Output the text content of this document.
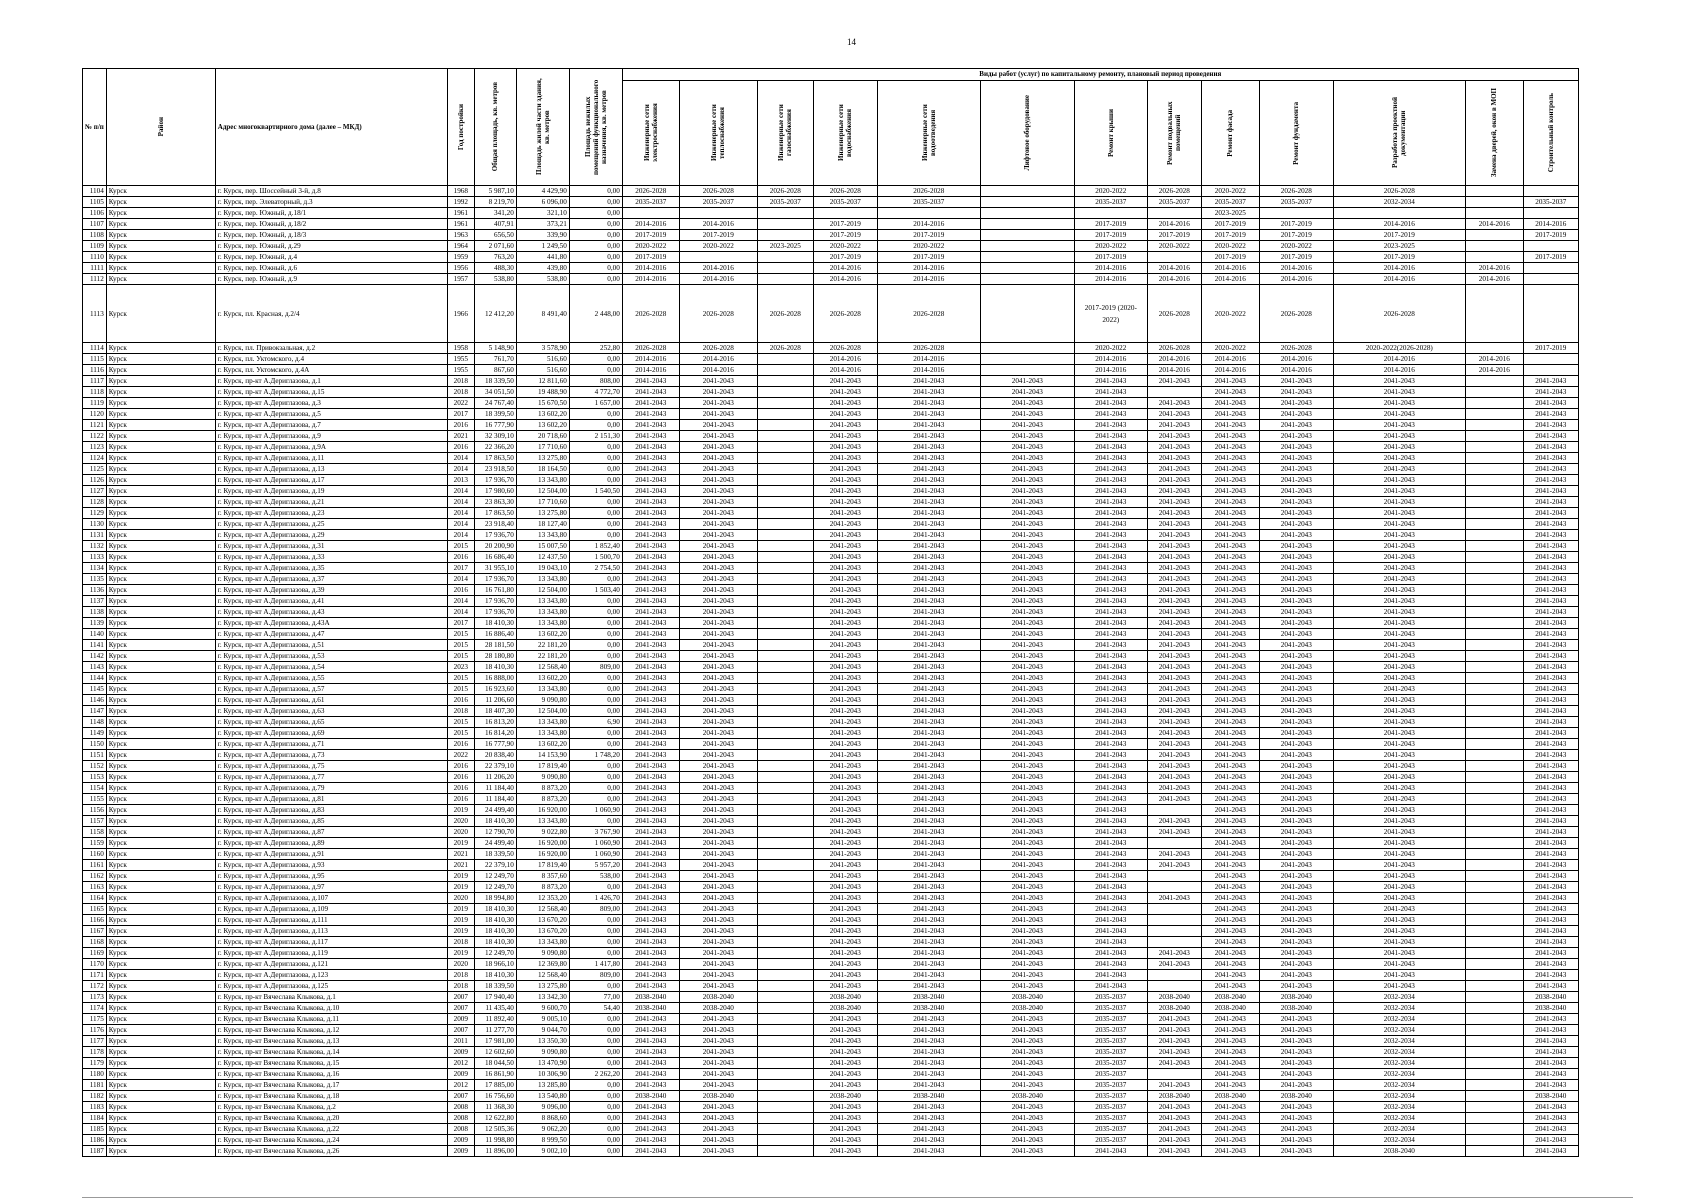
14
№ п/п	Район	Адрес многоквартирного дома (далее – МКД)	Год постройки	Общая площадь, кв. метров	Площадь жилой части здания, кв. метров	Площадь нежилых помещений функционального назначения, кв. метров	Виды работ (услуг) по капитальному ремонту, плановый период проведения												

							Инженерные сети электроснабжения	Инженерные сети теплоснабжения	Инженерные сети газоснабжения	Инженерные сети водоснабжения	Инженерные сети водоотведения	Лифтовое оборудование	Ремонт крыши	Ремонт подвальных помещений	Ремонт фасада	Ремонт фундамента	Разработка проектной документации	Замена дверей, окон в МОП	Строительный контроль

1104	Курск	г. Курск, пер. Шоссейный 3-й, д.8	1968	5 987,10	4 429,90	0,00	2026-2028	2026-2028	2026-2028	2026-2028	2026-2028		2020-2022	2026-2028	2020-2022	2026-2028	2026-2028		
1105	Курск	г. Курск, пер. Элеваторный, д.3	1992	8 219,70	6 096,00	0,00	2035-2037	2035-2037	2035-2037	2035-2037	2035-2037		2035-2037	2035-2037	2035-2037	2035-2037	2032-2034		2035-2037
1106	Курск	г. Курск, пер. Южный, д.18/1	1961	341,20	321,10	0,00									2023-2025				
1107	Курск	г. Курск, пер. Южный, д.18/2	1961	407,91	373,21	0,00	2014-2016	2014-2016		2017-2019	2014-2016		2017-2019	2014-2016	2017-2019	2017-2019	2014-2016	2014-2016	2014-2016
1108	Курск	г. Курск, пер. Южный, д.18/3	1963	656,50	339,90	0,00	2017-2019	2017-2019		2017-2019	2017-2019		2017-2019	2017-2019	2017-2019	2017-2019	2017-2019		2017-2019
1109	Курск	г. Курск, пер. Южный, д.29	1964	2 071,60	1 249,50	0,00	2020-2022	2020-2022	2023-2025	2020-2022	2020-2022		2020-2022	2020-2022	2020-2022	2020-2022	2023-2025		
1110	Курск	г. Курск, пер. Южный, д.4	1959	763,20	441,80	0,00	2017-2019			2017-2019	2017-2019		2017-2019		2017-2019	2017-2019	2017-2019		2017-2019
1111	Курск	г. Курск, пер. Южный, д.6	1956	488,30	439,80	0,00	2014-2016	2014-2016		2014-2016	2014-2016		2014-2016	2014-2016	2014-2016	2014-2016	2014-2016	2014-2016	
1112	Курск	г. Курск, пер. Южный, д.9	1957	538,80	538,80	0,00	2014-2016	2014-2016		2014-2016	2014-2016		2014-2016	2014-2016	2014-2016	2014-2016	2014-2016	2014-2016	
1113	Курск	г. Курск, пл. Красная, д.2/4	1966	12 412,20	8 491,40	2 448,00	2026-2028	2026-2028	2026-2028	2026-2028	2026-2028		2017-2019 (2020-2022)	2026-2028	2020-2022	2026-2028	2026-2028		
1114	Курск	г. Курск, пл. Привокзальная, д.2	1958	5 148,90	3 578,90	252,80	2026-2028	2026-2028	2026-2028	2026-2028	2026-2028		2020-2022	2026-2028	2020-2022	2026-2028	2020-2022(2026-2028)		2017-2019
1115	Курск	г. Курск, пл. Уктомского, д.4	1955	761,70	516,60	0,00	2014-2016	2014-2016		2014-2016	2014-2016		2014-2016	2014-2016	2014-2016	2014-2016	2014-2016	2014-2016	
1116	Курск	г. Курск, пл. Уктомского, д.4А	1955	867,60	516,60	0,00	2014-2016	2014-2016		2014-2016	2014-2016		2014-2016	2014-2016	2014-2016	2014-2016	2014-2016	2014-2016	
1117	Курск	г. Курск, пр-кт А.Дериглазова, д.1	2018	18 339,50	12 811,60	808,00	2041-2043	2041-2043		2041-2043	2041-2043	2041-2043	2041-2043	2041-2043	2041-2043	2041-2043	2041-2043		2041-2043
1118	Курск	г. Курск, пр-кт А.Дериглазова, д.15	2018	34 051,50	19 488,90	4 772,70	2041-2043	2041-2043		2041-2043	2041-2043	2041-2043	2041-2043		2041-2043	2041-2043	2041-2043		2041-2043
1119	Курск	г. Курск, пр-кт А.Дериглазова, д.3	2022	24 767,40	15 670,50	1 657,00	2041-2043	2041-2043		2041-2043	2041-2043	2041-2043	2041-2043	2041-2043	2041-2043	2041-2043	2041-2043		2041-2043
1120	Курск	г. Курск, пр-кт А.Дериглазова, д.5	2017	18 399,50	13 602,20	0,00	2041-2043	2041-2043		2041-2043	2041-2043	2041-2043	2041-2043	2041-2043	2041-2043	2041-2043	2041-2043		2041-2043
1121	Курск	г. Курск, пр-кт А.Дериглазова, д.7	2016	16 777,90	13 602,20	0,00	2041-2043	2041-2043		2041-2043	2041-2043	2041-2043	2041-2043	2041-2043	2041-2043	2041-2043	2041-2043		2041-2043
1122	Курск	г. Курск, пр-кт А.Дериглазова, д.9	2021	32 309,10	20 718,60	2 151,30	2041-2043	2041-2043		2041-2043	2041-2043	2041-2043	2041-2043	2041-2043	2041-2043	2041-2043	2041-2043		2041-2043
1123	Курск	г. Курск, пр-кт А.Дериглазова, д.9А	2016	22 366,20	17 710,60	0,00	2041-2043	2041-2043		2041-2043	2041-2043	2041-2043	2041-2043	2041-2043	2041-2043	2041-2043	2041-2043		2041-2043
1124	Курск	г. Курск, пр-кт А.Дериглазова, д.11	2014	17 863,50	13 275,80	0,00	2041-2043	2041-2043		2041-2043	2041-2043	2041-2043	2041-2043	2041-2043	2041-2043	2041-2043	2041-2043		2041-2043
1125	Курск	г. Курск, пр-кт А.Дериглазова, д.13	2014	23 918,50	18 164,50	0,00	2041-2043	2041-2043		2041-2043	2041-2043	2041-2043	2041-2043	2041-2043	2041-2043	2041-2043	2041-2043		2041-2043
1126	Курск	г. Курск, пр-кт А.Дериглазова, д.17	2013	17 936,70	13 343,80	0,00	2041-2043	2041-2043		2041-2043	2041-2043	2041-2043	2041-2043	2041-2043	2041-2043	2041-2043	2041-2043		2041-2043
1127	Курск	г. Курск, пр-кт А.Дериглазова, д.19	2014	17 980,60	12 504,00	1 540,50	2041-2043	2041-2043		2041-2043	2041-2043	2041-2043	2041-2043	2041-2043	2041-2043	2041-2043	2041-2043		2041-2043
1128	Курск	г. Курск, пр-кт А.Дериглазова, д.21	2014	23 863,30	17 710,60	0,00	2041-2043	2041-2043		2041-2043	2041-2043	2041-2043	2041-2043	2041-2043	2041-2043	2041-2043	2041-2043		2041-2043
1129	Курск	г. Курск, пр-кт А.Дериглазова, д.23	2014	17 863,50	13 275,80	0,00	2041-2043	2041-2043		2041-2043	2041-2043	2041-2043	2041-2043	2041-2043	2041-2043	2041-2043	2041-2043		2041-2043
1130	Курск	г. Курск, пр-кт А.Дериглазова, д.25	2014	23 918,40	18 127,40	0,00	2041-2043	2041-2043		2041-2043	2041-2043	2041-2043	2041-2043	2041-2043	2041-2043	2041-2043	2041-2043		2041-2043
1131	Курск	г. Курск, пр-кт А.Дериглазова, д.29	2014	17 936,70	13 343,80	0,00	2041-2043	2041-2043		2041-2043	2041-2043	2041-2043	2041-2043	2041-2043	2041-2043	2041-2043	2041-2043		2041-2043
1132	Курск	г. Курск, пр-кт А.Дериглазова, д.31	2015	20 200,90	15 007,50	1 852,40	2041-2043	2041-2043		2041-2043	2041-2043	2041-2043	2041-2043	2041-2043	2041-2043	2041-2043	2041-2043		2041-2043
1133	Курск	г. Курск, пр-кт А.Дериглазова, д.33	2016	16 686,40	12 437,50	1 500,70	2041-2043	2041-2043		2041-2043	2041-2043	2041-2043	2041-2043	2041-2043	2041-2043	2041-2043	2041-2043		2041-2043
1134	Курск	г. Курск, пр-кт А.Дериглазова, д.35	2017	31 955,10	19 043,10	2 754,50	2041-2043	2041-2043		2041-2043	2041-2043	2041-2043	2041-2043	2041-2043	2041-2043	2041-2043	2041-2043		2041-2043
1135	Курск	г. Курск, пр-кт А.Дериглазова, д.37	2014	17 936,70	13 343,80	0,00	2041-2043	2041-2043		2041-2043	2041-2043	2041-2043	2041-2043	2041-2043	2041-2043	2041-2043	2041-2043		2041-2043
1136	Курск	г. Курск, пр-кт А.Дериглазова, д.39	2016	16 761,80	12 504,00	1 503,40	2041-2043	2041-2043		2041-2043	2041-2043	2041-2043	2041-2043	2041-2043	2041-2043	2041-2043	2041-2043		2041-2043
1137	Курск	г. Курск, пр-кт А.Дериглазова, д.41	2014	17 936,70	13 343,80	0,00	2041-2043	2041-2043		2041-2043	2041-2043	2041-2043	2041-2043	2041-2043	2041-2043	2041-2043	2041-2043		2041-2043
1138	Курск	г. Курск, пр-кт А.Дериглазова, д.43	2014	17 936,70	13 343,80	0,00	2041-2043	2041-2043		2041-2043	2041-2043	2041-2043	2041-2043	2041-2043	2041-2043	2041-2043	2041-2043		2041-2043
1139	Курск	г. Курск, пр-кт А.Дериглазова, д.43А	2017	18 410,30	13 343,80	0,00	2041-2043	2041-2043		2041-2043	2041-2043	2041-2043	2041-2043	2041-2043	2041-2043	2041-2043	2041-2043		2041-2043
1140	Курск	г. Курск, пр-кт А.Дериглазова, д.47	2015	16 886,40	13 602,20	0,00	2041-2043	2041-2043		2041-2043	2041-2043	2041-2043	2041-2043	2041-2043	2041-2043	2041-2043	2041-2043		2041-2043
1141	Курск	г. Курск, пр-кт А.Дериглазова, д.51	2015	28 181,50	22 181,20	0,00	2041-2043	2041-2043		2041-2043	2041-2043	2041-2043	2041-2043	2041-2043	2041-2043	2041-2043	2041-2043		2041-2043
1142	Курск	г. Курск, пр-кт А.Дериглазова, д.53	2015	28 180,80	22 181,20	0,00	2041-2043	2041-2043		2041-2043	2041-2043	2041-2043	2041-2043	2041-2043	2041-2043	2041-2043	2041-2043		2041-2043
1143	Курск	г. Курск, пр-кт А.Дериглазова, д.54	2023	18 410,30	12 568,40	809,00	2041-2043	2041-2043		2041-2043	2041-2043	2041-2043	2041-2043	2041-2043	2041-2043	2041-2043	2041-2043		2041-2043
1144	Курск	г. Курск, пр-кт А.Дериглазова, д.55	2015	16 888,00	13 602,20	0,00	2041-2043	2041-2043		2041-2043	2041-2043	2041-2043	2041-2043	2041-2043	2041-2043	2041-2043	2041-2043		2041-2043
1145	Курск	г. Курск, пр-кт А.Дериглазова, д.57	2015	16 923,60	13 343,80	0,00	2041-2043	2041-2043		2041-2043	2041-2043	2041-2043	2041-2043	2041-2043	2041-2043	2041-2043	2041-2043		2041-2043
1146	Курск	г. Курск, пр-кт А.Дериглазова, д.61	2016	11 206,60	9 090,80	0,00	2041-2043	2041-2043		2041-2043	2041-2043	2041-2043	2041-2043	2041-2043	2041-2043	2041-2043	2041-2043		2041-2043
1147	Курск	г. Курск, пр-кт А.Дериглазова, д.63	2018	18 407,30	12 504,00	0,00	2041-2043	2041-2043		2041-2043	2041-2043	2041-2043	2041-2043	2041-2043	2041-2043	2041-2043	2041-2043		2041-2043
1148	Курск	г. Курск, пр-кт А.Дериглазова, д.65	2015	16 813,20	13 343,80	6,90	2041-2043	2041-2043		2041-2043	2041-2043	2041-2043	2041-2043	2041-2043	2041-2043	2041-2043	2041-2043		2041-2043
1149	Курск	г. Курск, пр-кт А.Дериглазова, д.69	2015	16 814,20	13 343,80	0,00	2041-2043	2041-2043		2041-2043	2041-2043	2041-2043	2041-2043	2041-2043	2041-2043	2041-2043	2041-2043		2041-2043
1150	Курск	г. Курск, пр-кт А.Дериглазова, д.71	2016	16 777,90	13 602,20	0,00	2041-2043	2041-2043		2041-2043	2041-2043	2041-2043	2041-2043	2041-2043	2041-2043	2041-2043	2041-2043		2041-2043
1151	Курск	г. Курск, пр-кт А.Дериглазова, д.73	2022	20 838,40	14 153,90	1 748,20	2041-2043	2041-2043		2041-2043	2041-2043	2041-2043	2041-2043	2041-2043	2041-2043	2041-2043	2041-2043		2041-2043
1152	Курск	г. Курск, пр-кт А.Дериглазова, д.75	2016	22 379,10	17 819,40	0,00	2041-2043	2041-2043		2041-2043	2041-2043	2041-2043	2041-2043	2041-2043	2041-2043	2041-2043	2041-2043		2041-2043
1153	Курск	г. Курск, пр-кт А.Дериглазова, д.77	2016	11 206,20	9 090,80	0,00	2041-2043	2041-2043		2041-2043	2041-2043	2041-2043	2041-2043	2041-2043	2041-2043	2041-2043	2041-2043		2041-2043
1154	Курск	г. Курск, пр-кт А.Дериглазова, д.79	2016	11 184,40	8 873,20	0,00	2041-2043	2041-2043		2041-2043	2041-2043	2041-2043	2041-2043	2041-2043	2041-2043	2041-2043	2041-2043		2041-2043
1155	Курск	г. Курск, пр-кт А.Дериглазова, д.81	2016	11 184,40	8 873,20	0,00	2041-2043	2041-2043		2041-2043	2041-2043	2041-2043	2041-2043	2041-2043	2041-2043	2041-2043	2041-2043		2041-2043
1156	Курск	г. Курск, пр-кт А.Дериглазова, д.83	2019	24 499,40	16 920,00	1 060,90	2041-2043	2041-2043		2041-2043	2041-2043	2041-2043	2041-2043		2041-2043	2041-2043	2041-2043		2041-2043
1157	Курск	г. Курск, пр-кт А.Дериглазова, д.85	2020	18 410,30	13 343,80	0,00	2041-2043	2041-2043		2041-2043	2041-2043	2041-2043	2041-2043	2041-2043	2041-2043	2041-2043	2041-2043		2041-2043
1158	Курск	г. Курск, пр-кт А.Дериглазова, д.87	2020	12 790,70	9 022,80	3 767,90	2041-2043	2041-2043		2041-2043	2041-2043	2041-2043	2041-2043	2041-2043	2041-2043	2041-2043	2041-2043		2041-2043
1159	Курск	г. Курск, пр-кт А.Дериглазова, д.89	2019	24 499,40	16 920,00	1 060,90	2041-2043	2041-2043		2041-2043	2041-2043	2041-2043	2041-2043		2041-2043	2041-2043	2041-2043		2041-2043
1160	Курск	г. Курск, пр-кт А.Дериглазова, д.91	2021	18 339,50	16 920,00	1 060,90	2041-2043	2041-2043		2041-2043	2041-2043	2041-2043	2041-2043	2041-2043	2041-2043	2041-2043	2041-2043		2041-2043
1161	Курск	г. Курск, пр-кт А.Дериглазова, д.93	2021	22 379,10	17 819,40	5 957,20	2041-2043	2041-2043		2041-2043	2041-2043	2041-2043	2041-2043	2041-2043	2041-2043	2041-2043	2041-2043		2041-2043
1162	Курск	г. Курск, пр-кт А.Дериглазова, д.95	2019	12 249,70	8 357,60	538,00	2041-2043	2041-2043		2041-2043	2041-2043	2041-2043	2041-2043		2041-2043	2041-2043	2041-2043		2041-2043
1163	Курск	г. Курск, пр-кт А.Дериглазова, д.97	2019	12 249,70	8 873,20	0,00	2041-2043	2041-2043		2041-2043	2041-2043	2041-2043	2041-2043		2041-2043	2041-2043	2041-2043		2041-2043
1164	Курск	г. Курск, пр-кт А.Дериглазова, д.107	2020	18 994,80	12 353,20	1 426,70	2041-2043	2041-2043		2041-2043	2041-2043	2041-2043	2041-2043	2041-2043	2041-2043	2041-2043	2041-2043		2041-2043
1165	Курск	г. Курск, пр-кт А.Дериглазова, д.109	2019	18 410,30	12 568,40	809,00	2041-2043	2041-2043		2041-2043	2041-2043	2041-2043	2041-2043		2041-2043	2041-2043	2041-2043		2041-2043
1166	Курск	г. Курск, пр-кт А.Дериглазова, д.111	2019	18 410,30	13 670,20	0,00	2041-2043	2041-2043		2041-2043	2041-2043	2041-2043	2041-2043		2041-2043	2041-2043	2041-2043		2041-2043
1167	Курск	г. Курск, пр-кт А.Дериглазова, д.113	2019	18 410,30	13 670,20	0,00	2041-2043	2041-2043		2041-2043	2041-2043	2041-2043	2041-2043		2041-2043	2041-2043	2041-2043		2041-2043
1168	Курск	г. Курск, пр-кт А.Дериглазова, д.117	2018	18 410,30	13 343,80	0,00	2041-2043	2041-2043		2041-2043	2041-2043	2041-2043	2041-2043		2041-2043	2041-2043	2041-2043		2041-2043
1169	Курск	г. Курск, пр-кт А.Дериглазова, д.119	2019	12 249,70	9 090,80	0,00	2041-2043	2041-2043		2041-2043	2041-2043	2041-2043	2041-2043	2041-2043	2041-2043	2041-2043	2041-2043		2041-2043
1170	Курск	г. Курск, пр-кт А.Дериглазова, д.121	2020	18 966,10	12 369,80	1 417,80	2041-2043	2041-2043		2041-2043	2041-2043	2041-2043	2041-2043	2041-2043	2041-2043	2041-2043	2041-2043		2041-2043
1171	Курск	г. Курск, пр-кт А.Дериглазова, д.123	2018	18 410,30	12 568,40	809,00	2041-2043	2041-2043		2041-2043	2041-2043	2041-2043	2041-2043		2041-2043	2041-2043	2041-2043		2041-2043
1172	Курск	г. Курск, пр-кт А.Дериглазова, д.125	2018	18 339,50	13 275,80	0,00	2041-2043	2041-2043		2041-2043	2041-2043	2041-2043	2041-2043		2041-2043	2041-2043	2041-2043		2041-2043
1173	Курск	г. Курск, пр-кт Вячеслава Клыкова, д.1	2007	17 940,40	13 342,30	77,00	2038-2040	2038-2040		2038-2040	2038-2040	2038-2040	2035-2037	2038-2040	2038-2040	2038-2040	2032-2034		2038-2040
1174	Курск	г. Курск, пр-кт Вячеслава Клыкова, д.10	2007	11 435,40	9 600,70	54,40	2038-2040	2038-2040		2038-2040	2038-2040	2038-2040	2035-2037	2038-2040	2038-2040	2038-2040	2032-2034		2038-2040
1175	Курск	г. Курск, пр-кт Вячеслава Клыкова, д.11	2009	11 892,40	9 005,10	0,00	2041-2043	2041-2043		2041-2043	2041-2043	2041-2043	2035-2037	2041-2043	2041-2043	2041-2043	2032-2034		2041-2043
1176	Курск	г. Курск, пр-кт Вячеслава Клыкова, д.12	2007	11 277,70	9 044,70	0,00	2041-2043	2041-2043		2041-2043	2041-2043	2041-2043	2035-2037	2041-2043	2041-2043	2041-2043	2032-2034		2041-2043
1177	Курск	г. Курск, пр-кт Вячеслава Клыкова, д.13	2011	17 981,00	13 350,30	0,00	2041-2043	2041-2043		2041-2043	2041-2043	2041-2043	2035-2037	2041-2043	2041-2043	2041-2043	2032-2034		2041-2043
1178	Курск	г. Курск, пр-кт Вячеслава Клыкова, д.14	2009	12 602,60	9 090,80	0,00	2041-2043	2041-2043		2041-2043	2041-2043	2041-2043	2035-2037	2041-2043	2041-2043	2041-2043	2032-2034		2041-2043
1179	Курск	г. Курск, пр-кт Вячеслава Клыкова, д.15	2012	18 044,50	13 470,90	0,00	2041-2043	2041-2043		2041-2043	2041-2043	2041-2043	2035-2037	2041-2043	2041-2043	2041-2043	2032-2034		2041-2043
1180	Курск	г. Курск, пр-кт Вячеслава Клыкова, д.16	2009	16 861,90	10 306,90	2 262,20	2041-2043	2041-2043		2041-2043	2041-2043	2041-2043	2035-2037		2041-2043	2041-2043	2032-2034		2041-2043
1181	Курск	г. Курск, пр-кт Вячеслава Клыкова, д.17	2012	17 885,00	13 285,80	0,00	2041-2043	2041-2043		2041-2043	2041-2043	2041-2043	2035-2037	2041-2043	2041-2043	2041-2043	2032-2034		2041-2043
1182	Курск	г. Курск, пр-кт Вячеслава Клыкова, д.18	2007	16 756,60	13 540,80	0,00	2038-2040	2038-2040		2038-2040	2038-2040	2038-2040	2035-2037	2038-2040	2038-2040	2038-2040	2032-2034		2038-2040
1183	Курск	г. Курск, пр-кт Вячеслава Клыкова, д.2	2008	11 368,30	9 096,00	0,00	2041-2043	2041-2043		2041-2043	2041-2043	2041-2043	2035-2037	2041-2043	2041-2043	2041-2043	2032-2034		2041-2043
1184	Курск	г. Курск, пр-кт Вячеслава Клыкова, д.20	2008	12 622,80	8 868,60	0,00	2041-2043	2041-2043		2041-2043	2041-2043	2041-2043	2035-2037	2041-2043	2041-2043	2041-2043	2032-2034		2041-2043
1185	Курск	г. Курск, пр-кт Вячеслава Клыкова, д.22	2008	12 505,36	9 062,20	0,00	2041-2043	2041-2043		2041-2043	2041-2043	2041-2043	2035-2037	2041-2043	2041-2043	2041-2043	2032-2034		2041-2043
1186	Курск	г. Курск, пр-кт Вячеслава Клыкова, д.24	2009	11 998,80	8 999,50	0,00	2041-2043	2041-2043		2041-2043	2041-2043	2041-2043	2035-2037	2041-2043	2041-2043	2041-2043	2032-2034		2041-2043
1187	Курск	г. Курск, пр-кт Вячеслава Клыкова, д.26	2009	11 896,00	9 002,10	0,00	2041-2043	2041-2043		2041-2043	2041-2043	2041-2043	2041-2043	2041-2043	2041-2043	2041-2043	2038-2040		2041-2043
